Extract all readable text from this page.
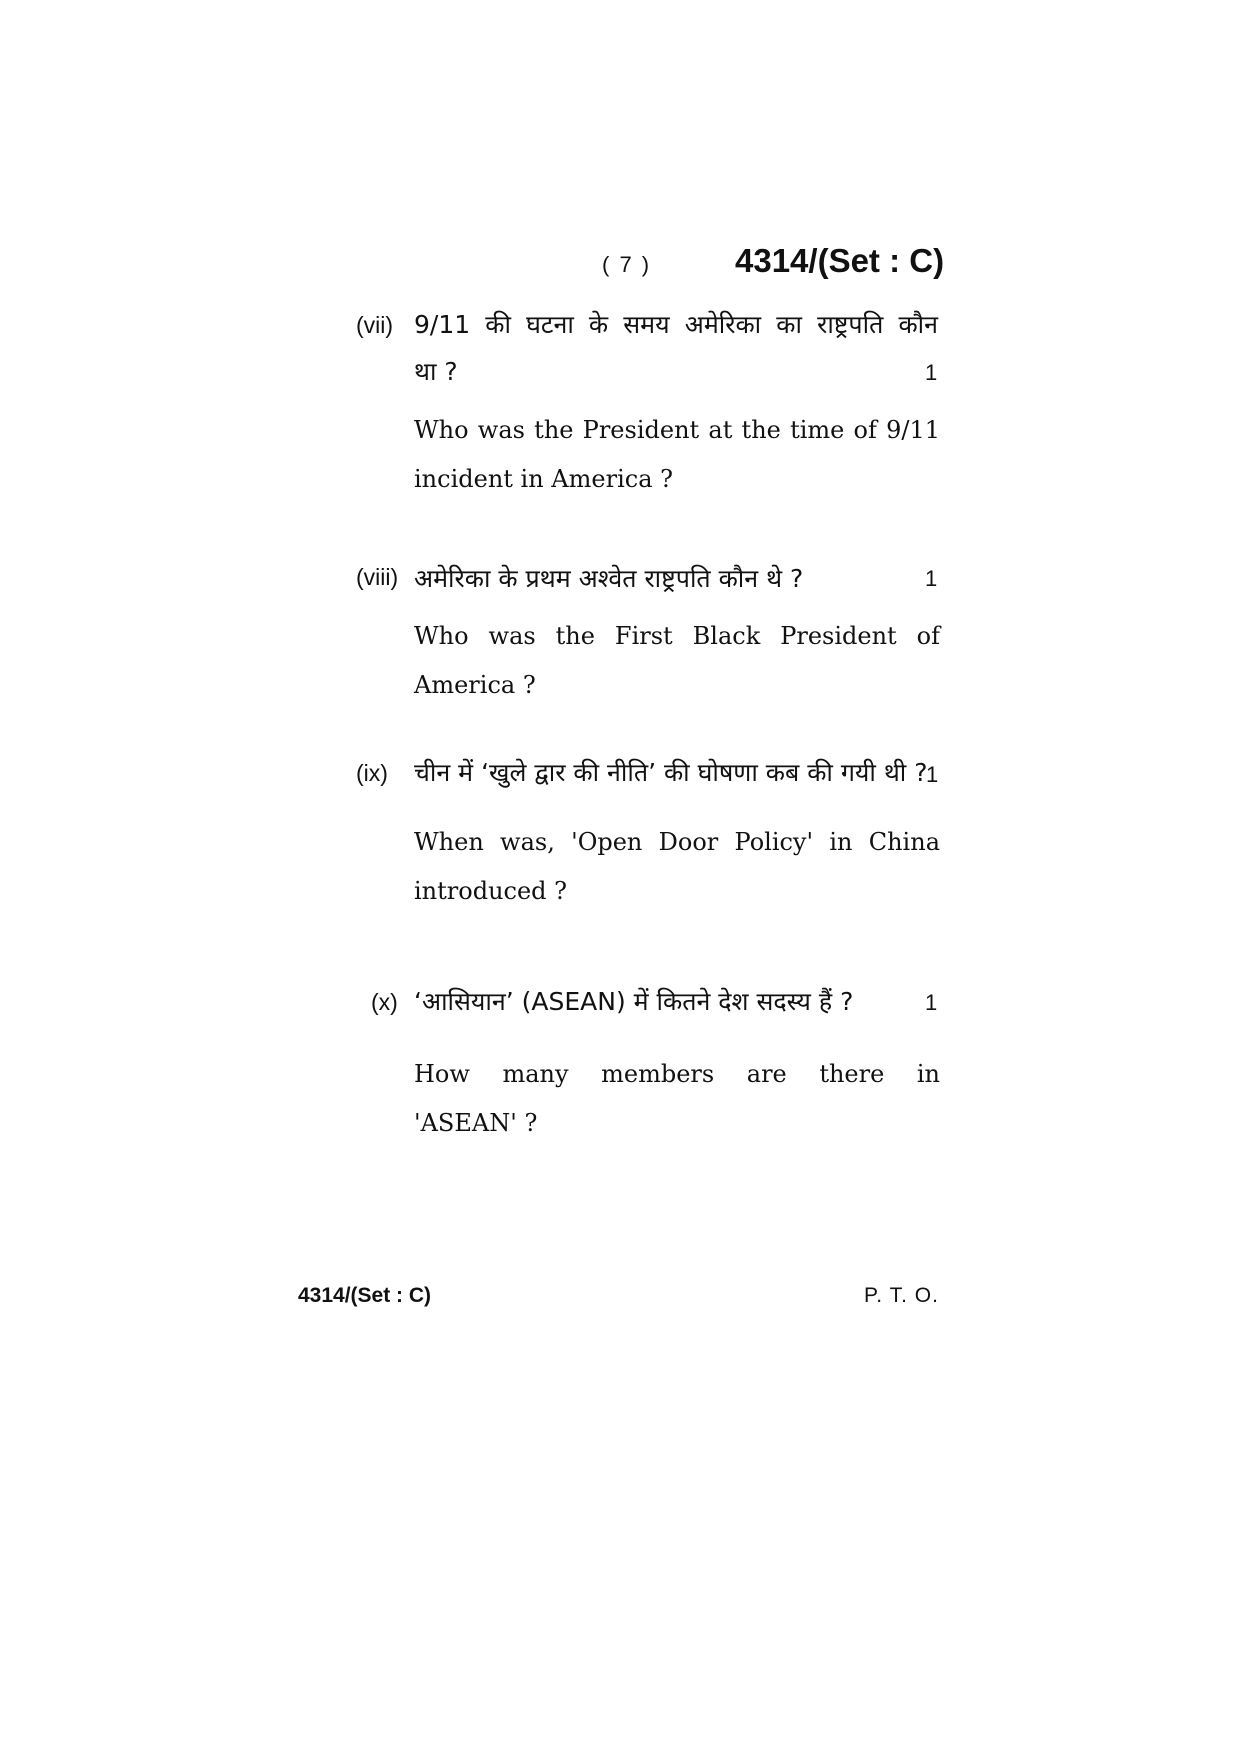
( 7 )	4314/(Set : C)
(vii) 9/11 की घटना के समय अमेरिका का राष्ट्रपति कौन
था ?	1
Who was the President at the time of 9/11
incident in America ?
(viii) अमेरिका के प्रथम अश्वेत राष्ट्रपति कौन थे ?	1
Who was the First Black President of
America ?
(ix) चीन में ‘खुले द्वार की नीति’ की घोषणा कब की गयी थी ?
1
When was, 'Open Door Policy' in China
introduced ?
(x) ‘आसियान’ (ASEAN) में कितने देश सदस्य हैं ?	1
How many members are there in
'ASEAN' ?
4314/(Set : C)	P. T. O.
